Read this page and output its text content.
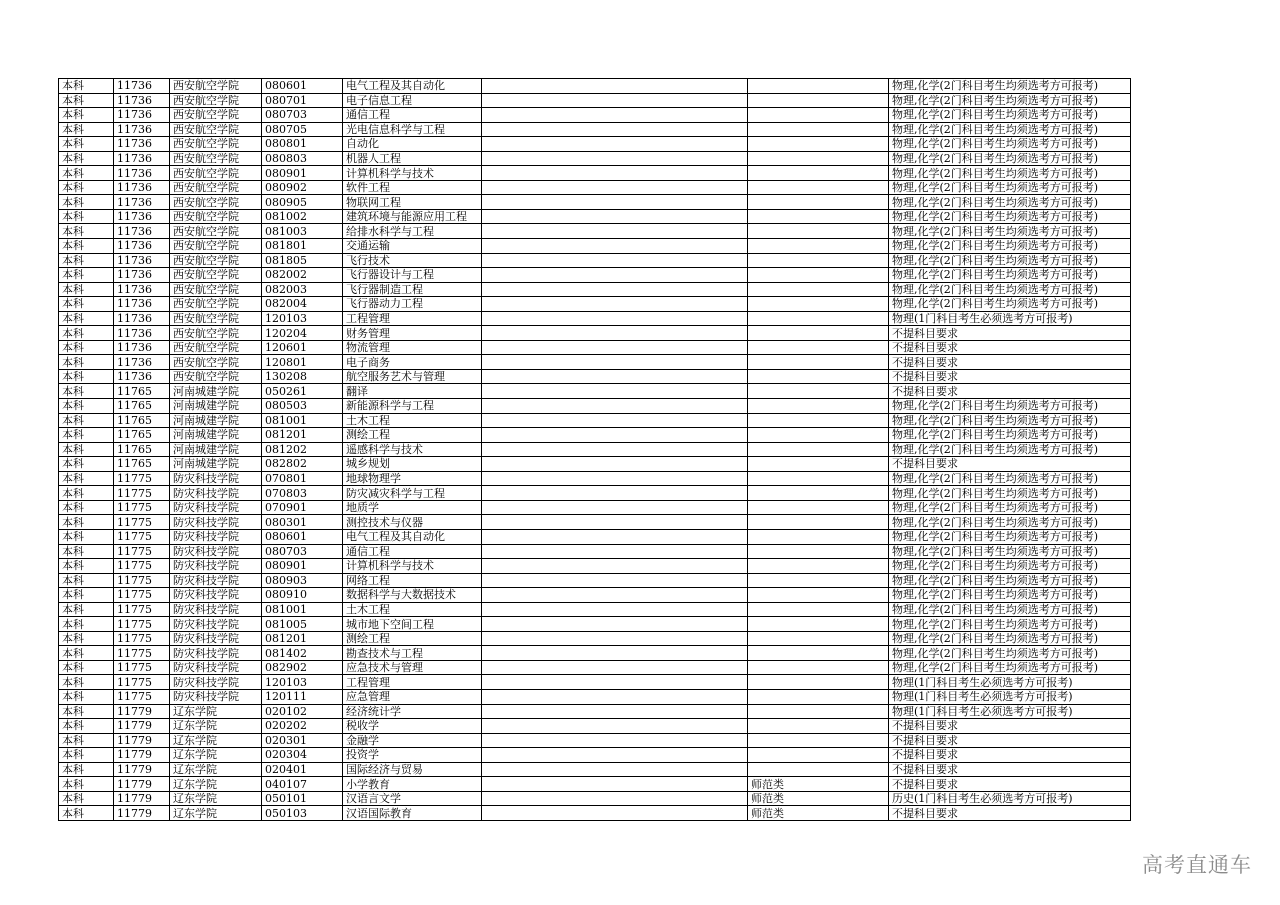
本科	11736	西安航空学院	080601	电气工程及其自动化			物理,化学(2门科目考生均须选考方可报考)
本科	11736	西安航空学院	080701	电子信息工程			物理,化学(2门科目考生均须选考方可报考)
本科	11736	西安航空学院	080703	通信工程			物理,化学(2门科目考生均须选考方可报考)
本科	11736	西安航空学院	080705	光电信息科学与工程			物理,化学(2门科目考生均须选考方可报考)
本科	11736	西安航空学院	080801	自动化			物理,化学(2门科目考生均须选考方可报考)
本科	11736	西安航空学院	080803	机器人工程			物理,化学(2门科目考生均须选考方可报考)
本科	11736	西安航空学院	080901	计算机科学与技术			物理,化学(2门科目考生均须选考方可报考)
本科	11736	西安航空学院	080902	软件工程			物理,化学(2门科目考生均须选考方可报考)
本科	11736	西安航空学院	080905	物联网工程			物理,化学(2门科目考生均须选考方可报考)
本科	11736	西安航空学院	081002	建筑环境与能源应用工程			物理,化学(2门科目考生均须选考方可报考)
本科	11736	西安航空学院	081003	给排水科学与工程			物理,化学(2门科目考生均须选考方可报考)
本科	11736	西安航空学院	081801	交通运输			物理,化学(2门科目考生均须选考方可报考)
本科	11736	西安航空学院	081805	飞行技术			物理,化学(2门科目考生均须选考方可报考)
本科	11736	西安航空学院	082002	飞行器设计与工程			物理,化学(2门科目考生均须选考方可报考)
本科	11736	西安航空学院	082003	飞行器制造工程			物理,化学(2门科目考生均须选考方可报考)
本科	11736	西安航空学院	082004	飞行器动力工程			物理,化学(2门科目考生均须选考方可报考)
本科	11736	西安航空学院	120103	工程管理			物理(1门科目考生必须选考方可报考)
本科	11736	西安航空学院	120204	财务管理			不提科目要求
本科	11736	西安航空学院	120601	物流管理			不提科目要求
本科	11736	西安航空学院	120801	电子商务			不提科目要求
本科	11736	西安航空学院	130208	航空服务艺术与管理			不提科目要求
本科	11765	河南城建学院	050261	翻译			不提科目要求
本科	11765	河南城建学院	080503	新能源科学与工程			物理,化学(2门科目考生均须选考方可报考)
本科	11765	河南城建学院	081001	土木工程			物理,化学(2门科目考生均须选考方可报考)
本科	11765	河南城建学院	081201	测绘工程			物理,化学(2门科目考生均须选考方可报考)
本科	11765	河南城建学院	081202	遥感科学与技术			物理,化学(2门科目考生均须选考方可报考)
本科	11765	河南城建学院	082802	城乡规划			不提科目要求
本科	11775	防灾科技学院	070801	地球物理学			物理,化学(2门科目考生均须选考方可报考)
本科	11775	防灾科技学院	070803	防灾减灾科学与工程			物理,化学(2门科目考生均须选考方可报考)
本科	11775	防灾科技学院	070901	地质学			物理,化学(2门科目考生均须选考方可报考)
本科	11775	防灾科技学院	080301	测控技术与仪器			物理,化学(2门科目考生均须选考方可报考)
本科	11775	防灾科技学院	080601	电气工程及其自动化			物理,化学(2门科目考生均须选考方可报考)
本科	11775	防灾科技学院	080703	通信工程			物理,化学(2门科目考生均须选考方可报考)
本科	11775	防灾科技学院	080901	计算机科学与技术			物理,化学(2门科目考生均须选考方可报考)
本科	11775	防灾科技学院	080903	网络工程			物理,化学(2门科目考生均须选考方可报考)
本科	11775	防灾科技学院	080910	数据科学与大数据技术			物理,化学(2门科目考生均须选考方可报考)
本科	11775	防灾科技学院	081001	土木工程			物理,化学(2门科目考生均须选考方可报考)
本科	11775	防灾科技学院	081005	城市地下空间工程			物理,化学(2门科目考生均须选考方可报考)
本科	11775	防灾科技学院	081201	测绘工程			物理,化学(2门科目考生均须选考方可报考)
本科	11775	防灾科技学院	081402	勘查技术与工程			物理,化学(2门科目考生均须选考方可报考)
本科	11775	防灾科技学院	082902	应急技术与管理			物理,化学(2门科目考生均须选考方可报考)
本科	11775	防灾科技学院	120103	工程管理			物理(1门科目考生必须选考方可报考)
本科	11775	防灾科技学院	120111	应急管理			物理(1门科目考生必须选考方可报考)
本科	11779	辽东学院	020102	经济统计学			物理(1门科目考生必须选考方可报考)
本科	11779	辽东学院	020202	税收学			不提科目要求
本科	11779	辽东学院	020301	金融学			不提科目要求
本科	11779	辽东学院	020304	投资学			不提科目要求
本科	11779	辽东学院	020401	国际经济与贸易			不提科目要求
本科	11779	辽东学院	040107	小学教育		师范类	不提科目要求
本科	11779	辽东学院	050101	汉语言文学		师范类	历史(1门科目考生必须选考方可报考)
本科	11779	辽东学院	050103	汉语国际教育		师范类	不提科目要求
高考直通车
